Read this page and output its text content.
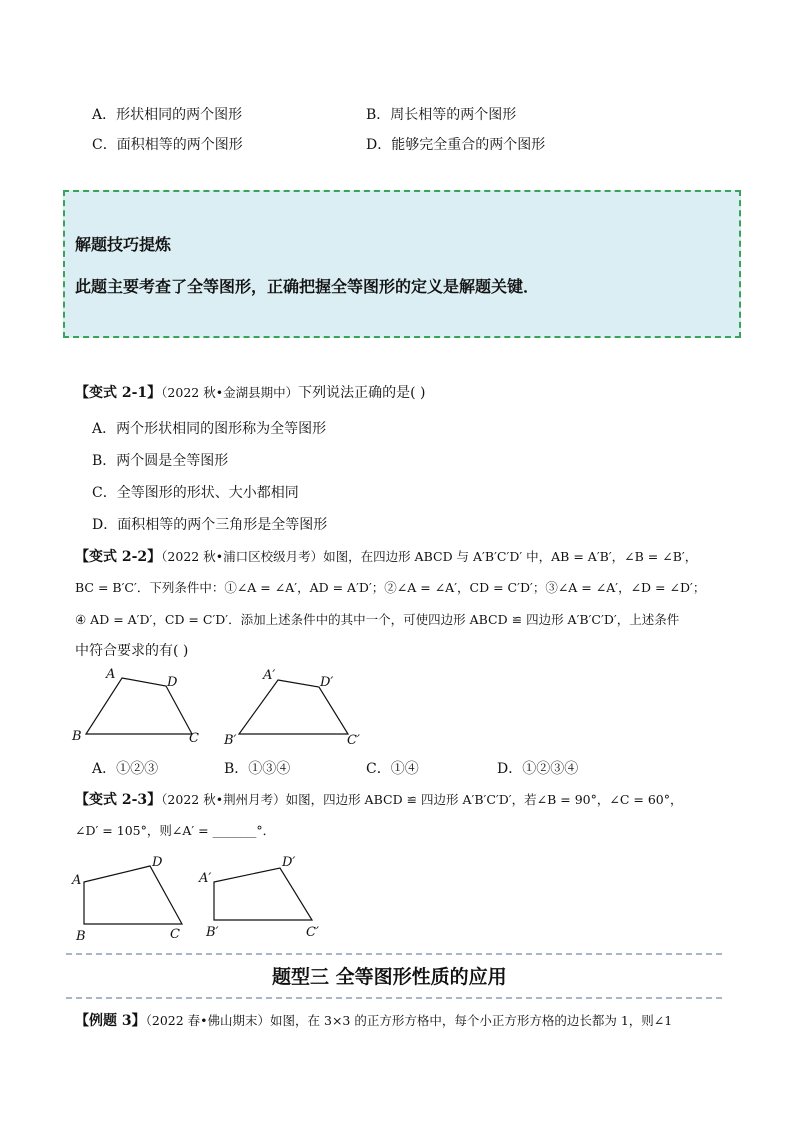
A．形状相同的两个图形	B．周长相等的两个图形
C．面积相等的两个图形	D．能够完全重合的两个图形
解题技巧提炼
此题主要考查了全等图形，正确把握全等图形的定义是解题关键．
【变式 2-1】（2022 秋•金湖县期中）下列说法正确的是( )
A．两个形状相同的图形称为全等图形
B．两个圆是全等图形
C．全等图形的形状、大小都相同
D．面积相等的两个三角形是全等图形
【变式 2-2】（2022 秋•浦口区校级月考）如图，在四边形 ABCD 与 A′B′C′D′ 中，AB = A′B′，∠B = ∠B′，
BC = B′C′．下列条件中：①∠A = ∠A′，AD = A′D′；②∠A = ∠A′，CD = C′D′；③∠A = ∠A′，∠D = ∠D′；
④ AD = A′D′，CD = C′D′．添加上述条件中的其中一个，可使四边形 ABCD ≌ 四边形 A′B′C′D′，上述条件
中符合要求的有( )
A
D
B	C
A′	D′
B′	C′
A．①②③	B．①③④	C．①④	D．①②③④
【变式 2-3】（2022 秋•荆州月考）如图，四边形 ABCD ≌ 四边形 A′B′C′D′，若∠B = 90°，∠C = 60°，
∠D′ = 105°，则∠A′ = _______°．
A
D
B	C
A′
D′
B′	C′
题型三 全等图形性质的应用
【例题 3】（2022 春•佛山期末）如图，在 3×3 的正方形方格中，每个小正方形方格的边长都为 1，则∠1
